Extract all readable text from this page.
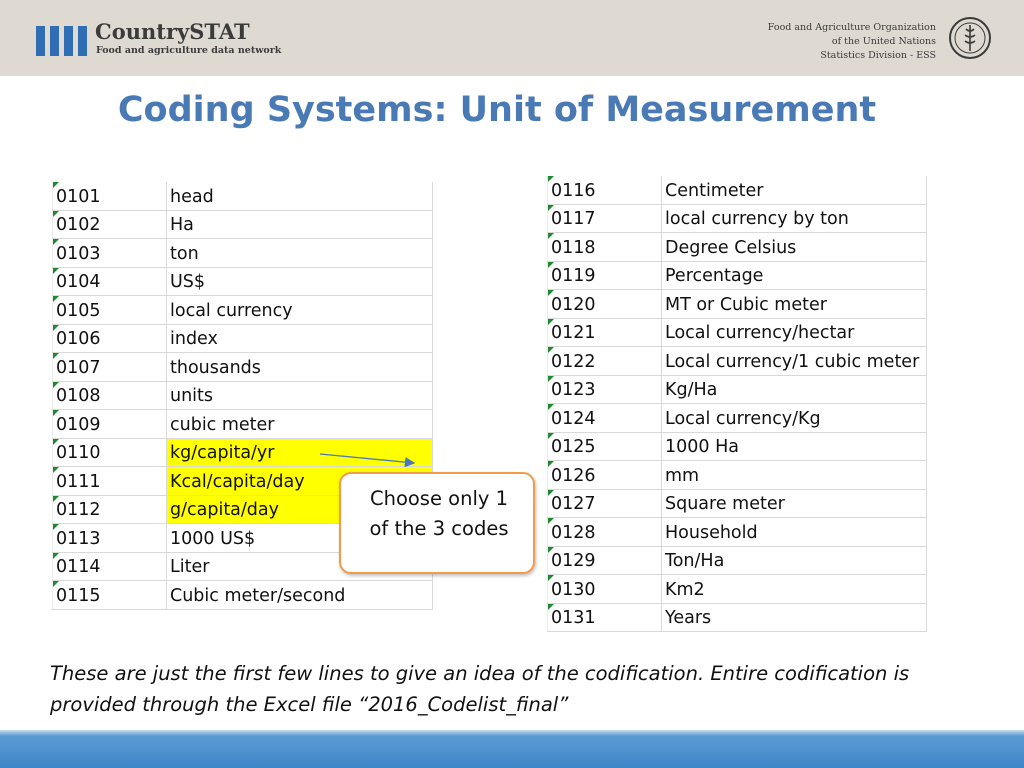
CountrySTAT
Food and agriculture data network
Food and Agriculture Organization
of the United Nations
Statistics Division - ESS
Coding Systems: Unit of Measurement
0101	head
0102	Ha
0103	ton
0104	US$
0105	local currency
0106	index
0107	thousands
0108	units
0109	cubic meter
0110	kg/capita/yr
0111	Kcal/capita/day
0112	g/capita/day
0113	1000 US$
0114	Liter
0115	Cubic meter/second
0116	Centimeter
0117	local currency by ton
0118	Degree Celsius
0119	Percentage
0120	MT or Cubic meter
0121	Local currency/hectar
0122	Local currency/1 cubic meter
0123	Kg/Ha
0124	Local currency/Kg
0125	1000 Ha
0126	mm
0127	Square meter
0128	Household
0129	Ton/Ha
0130	Km2
0131	Years
Choose only 1
of the 3 codes
These are just the first few lines to give an idea of the codification. Entire codification is provided through the Excel file “2016_Codelist_final”
